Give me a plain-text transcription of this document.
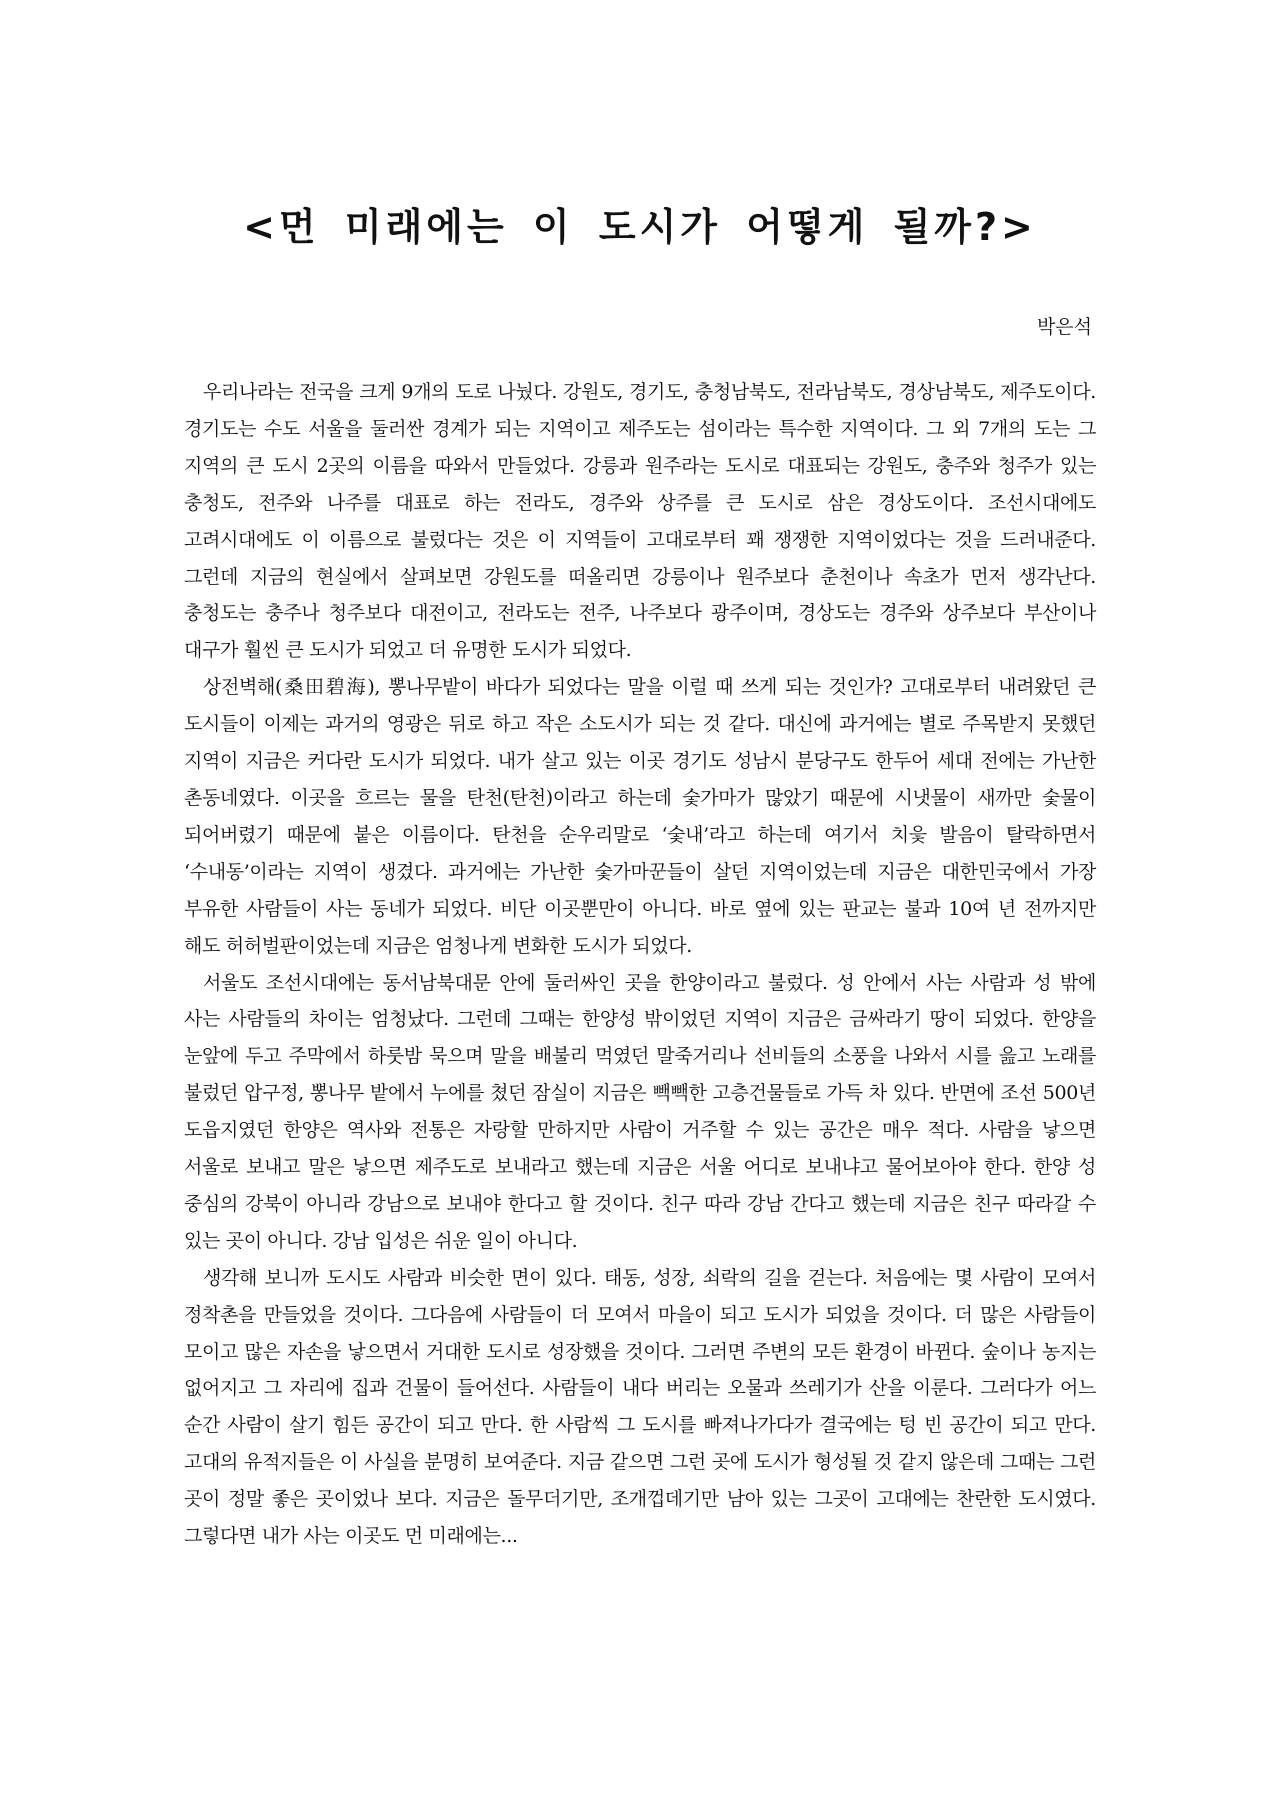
<먼 미래에는 이 도시가 어떻게 될까?>

박은석

우리나라는 전국을 크게 9개의 도로 나눴다. 강원도, 경기도, 충청남북도, 전라남북도, 경상남북도, 제주도이다. 경기도는 수도 서울을 둘러싼 경계가 되는 지역이고 제주도는 섬이라는 특수한 지역이다. 그 외 7개의 도는 그 지역의 큰 도시 2곳의 이름을 따와서 만들었다. 강릉과 원주라는 도시로 대표되는 강원도, 충주와 청주가 있는 충청도, 전주와 나주를 대표로 하는 전라도, 경주와 상주를 큰 도시로 삼은 경상도이다. 조선시대에도 고려시대에도 이 이름으로 불렀다는 것은 이 지역들이 고대로부터 꽤 쟁쟁한 지역이었다는 것을 드러내준다. 그런데 지금의 현실에서 살펴보면 강원도를 떠올리면 강릉이나 원주보다 춘천이나 속초가 먼저 생각난다. 충청도는 충주나 청주보다 대전이고, 전라도는 전주, 나주보다 광주이며, 경상도는 경주와 상주보다 부산이나 대구가 훨씬 큰 도시가 되었고 더 유명한 도시가 되었다.

상전벽해(桑田碧海), 뽕나무밭이 바다가 되었다는 말을 이럴 때 쓰게 되는 것인가? 고대로부터 내려왔던 큰 도시들이 이제는 과거의 영광은 뒤로 하고 작은 소도시가 되는 것 같다. 대신에 과거에는 별로 주목받지 못했던 지역이 지금은 커다란 도시가 되었다. 내가 살고 있는 이곳 경기도 성남시 분당구도 한두어 세대 전에는 가난한 촌동네였다. 이곳을 흐르는 물을 탄천(탄천)이라고 하는데 숯가마가 많았기 때문에 시냇물이 새까만 숯물이 되어버렸기 때문에 붙은 이름이다. 탄천을 순우리말로 ‘숯내’라고 하는데 여기서 치읓 발음이 탈락하면서 ‘수내동’이라는 지역이 생겼다. 과거에는 가난한 숯가마꾼들이 살던 지역이었는데 지금은 대한민국에서 가장 부유한 사람들이 사는 동네가 되었다. 비단 이곳뿐만이 아니다. 바로 옆에 있는 판교는 불과 10여 년 전까지만 해도 허허벌판이었는데 지금은 엄청나게 변화한 도시가 되었다.

서울도 조선시대에는 동서남북대문 안에 둘러싸인 곳을 한양이라고 불렀다. 성 안에서 사는 사람과 성 밖에 사는 사람들의 차이는 엄청났다. 그런데 그때는 한양성 밖이었던 지역이 지금은 금싸라기 땅이 되었다. 한양을 눈앞에 두고 주막에서 하룻밤 묵으며 말을 배불리 먹였던 말죽거리나 선비들의 소풍을 나와서 시를 읊고 노래를 불렀던 압구정, 뽕나무 밭에서 누에를 쳤던 잠실이 지금은 빽빽한 고층건물들로 가득 차 있다. 반면에 조선 500년 도읍지였던 한양은 역사와 전통은 자랑할 만하지만 사람이 거주할 수 있는 공간은 매우 적다. 사람을 낳으면 서울로 보내고 말은 낳으면 제주도로 보내라고 했는데 지금은 서울 어디로 보내냐고 물어보아야 한다. 한양 성 중심의 강북이 아니라 강남으로 보내야 한다고 할 것이다. 친구 따라 강남 간다고 했는데 지금은 친구 따라갈 수 있는 곳이 아니다. 강남 입성은 쉬운 일이 아니다.

생각해 보니까 도시도 사람과 비슷한 면이 있다. 태동, 성장, 쇠락의 길을 걷는다. 처음에는 몇 사람이 모여서 정착촌을 만들었을 것이다. 그다음에 사람들이 더 모여서 마을이 되고 도시가 되었을 것이다. 더 많은 사람들이 모이고 많은 자손을 낳으면서 거대한 도시로 성장했을 것이다. 그러면 주변의 모든 환경이 바뀐다. 숲이나 농지는 없어지고 그 자리에 집과 건물이 들어선다. 사람들이 내다 버리는 오물과 쓰레기가 산을 이룬다. 그러다가 어느 순간 사람이 살기 힘든 공간이 되고 만다. 한 사람씩 그 도시를 빠져나가다가 결국에는 텅 빈 공간이 되고 만다. 고대의 유적지들은 이 사실을 분명히 보여준다. 지금 같으면 그런 곳에 도시가 형성될 것 같지 않은데 그때는 그런 곳이 정말 좋은 곳이었나 보다. 지금은 돌무더기만, 조개껍데기만 남아 있는 그곳이 고대에는 찬란한 도시였다. 그렇다면 내가 사는 이곳도 먼 미래에는...
